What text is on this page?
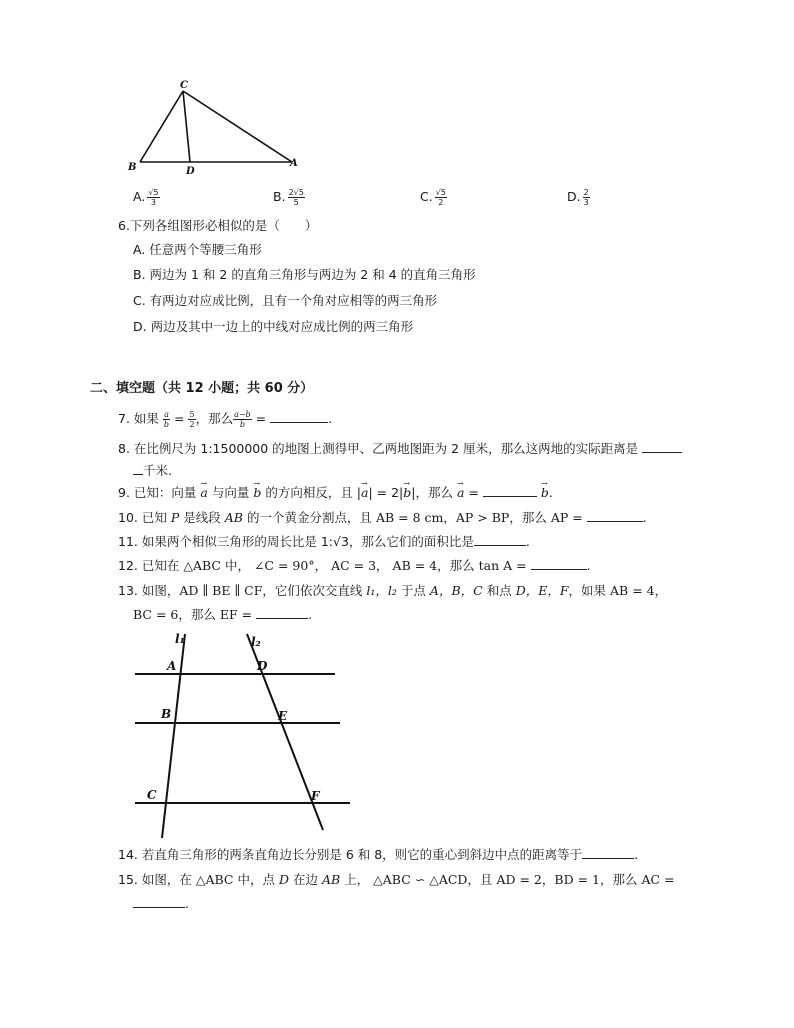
C
B	D
A
A. $\frac{√5}{3}$	B. $\frac{2√5}{5}$	C. $\frac{√5}{2}$	D. $\frac{2}{3}$
6.下列各组图形必相似的是（　　）
A. 任意两个等腰三角形
B. 两边为 1 和 2 的直角三角形与两边为 2 和 4 的直角三角形
C. 有两边对应成比例，且有一个角对应相等的两三角形
D. 两边及其中一边上的中线对应成比例的两三角形
二、填空题（共 12 小题；共 60 分）
7. 如果 $\frac{a}{b} = \frac{5}{2}$ ，那么 $\frac{a-b}{b}$ =	.
8. 在比例尺为 1:1500000 的地图上测得甲、乙两地图距为 2 厘米，那么这两地的实际距离是
千米.
9. 已知：向量 → a 与向量 → b 的方向相反，且 |→ a| = 2|→ b|，那么 → a =	→ b.
10. 已知 P 是线段 AB 的一个黄金分割点，且 AB = 8 cm，AP > BP，那么 AP =	.
11. 如果两个相似三角形的周长比是 1:√3，那么它们的面积比是	.
12. 已知在 △ABC 中， ∠C = 90°， AC = 3， AB = 4，那么 tan A =	.
13. 如图，AD ∥ BE ∥ CF，它们依次交直线 l₁，l₂ 于点 A，B，C 和点 D，E，F，如果 AB = 4，
BC = 6，那么 EF =	.
l₁	l₂
A	D
B	E
C	F
14. 若直角三角形的两条直角边长分别是 6 和 8，则它的重心到斜边中点的距离等于	.
15. 如图，在 △ABC 中，点 D 在边 AB 上， △ABC ∽ △ACD，且 AD = 2，BD = 1，那么 AC =
.
